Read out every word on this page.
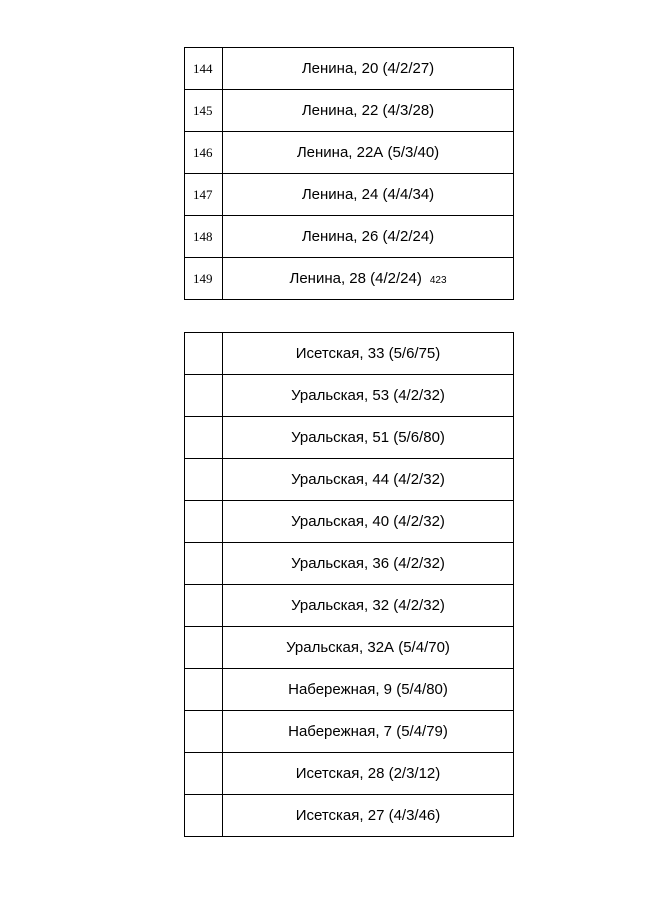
144	Ленина, 20 (4/2/27)
145	Ленина, 22 (4/3/28)
146	Ленина, 22А (5/3/40)
147	Ленина, 24 (4/4/34)
148	Ленина, 26 (4/2/24)
149	Ленина, 28 (4/2/24) 423
	Исетская, 33 (5/6/75)
	Уральская, 53 (4/2/32)
	Уральская, 51 (5/6/80)
	Уральская, 44 (4/2/32)
	Уральская, 40 (4/2/32)
	Уральская, 36 (4/2/32)
	Уральская, 32 (4/2/32)
	Уральская, 32А (5/4/70)
	Набережная, 9 (5/4/80)
	Набережная, 7 (5/4/79)
	Исетская, 28 (2/3/12)
	Исетская, 27 (4/3/46)
